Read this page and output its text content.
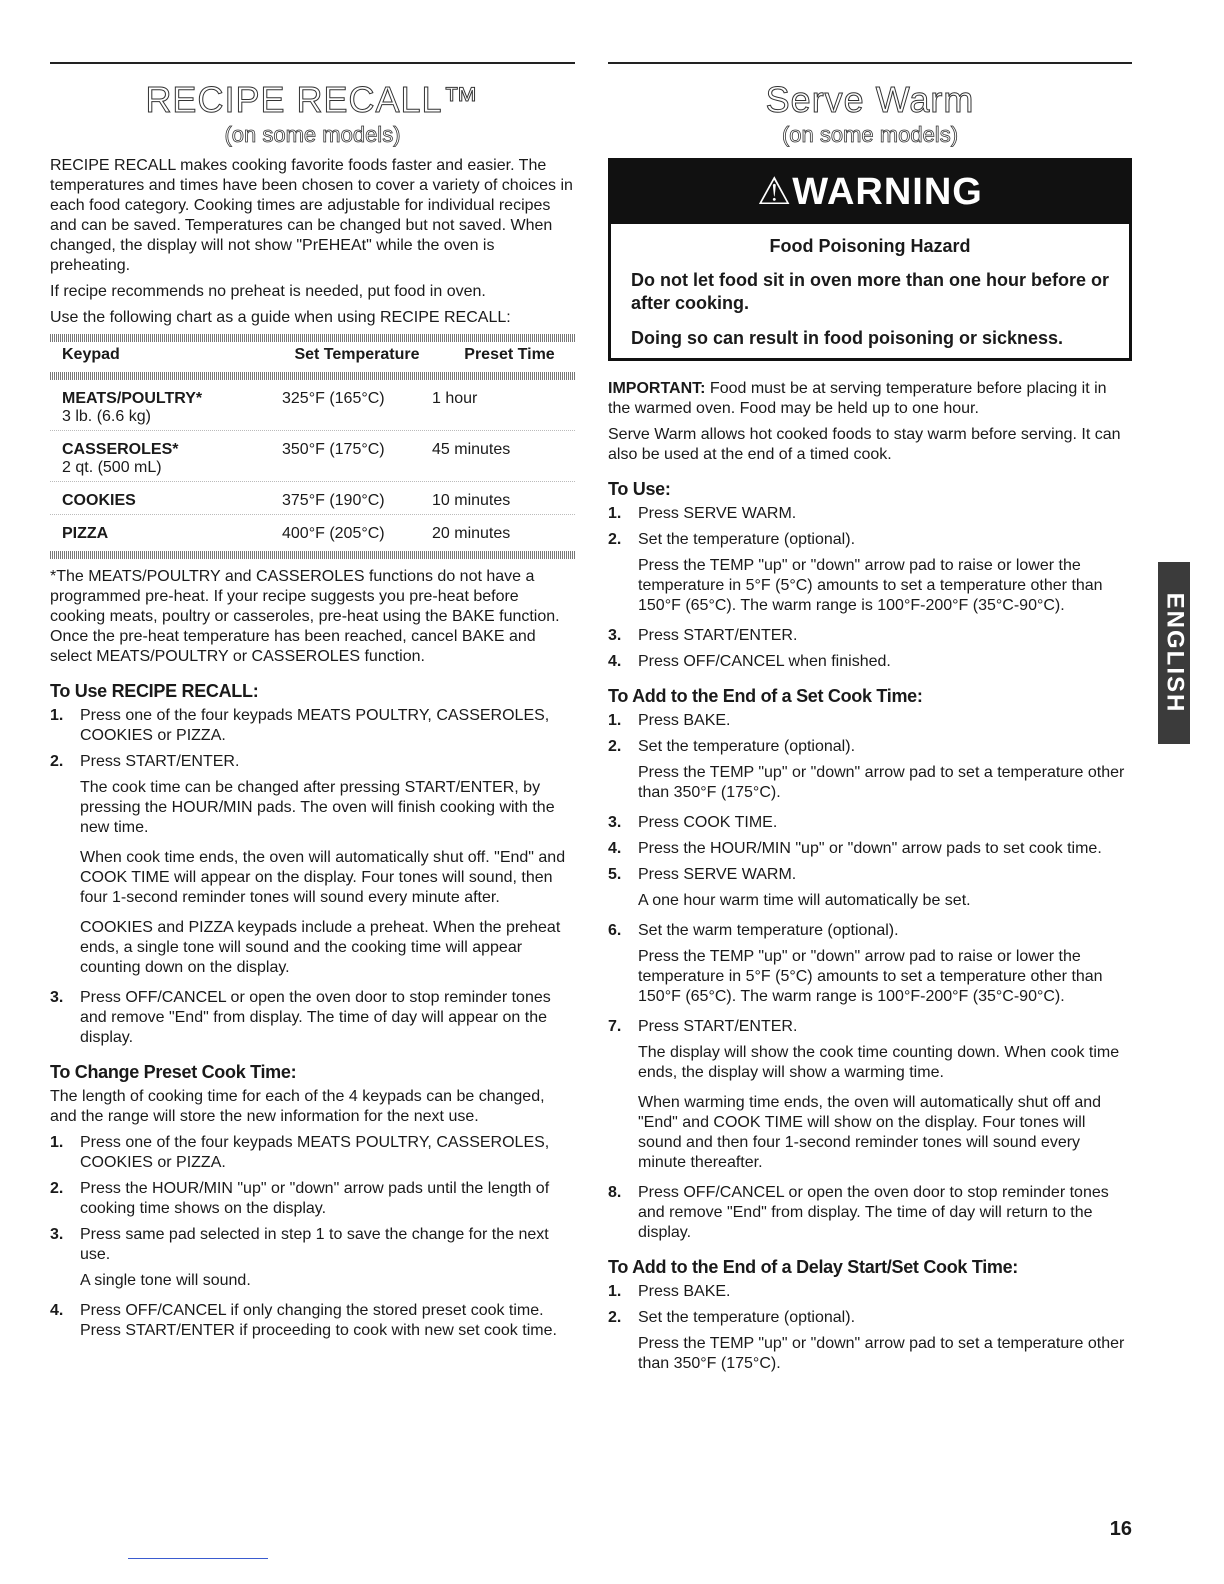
RECIPE RECALL™
(on some models)

RECIPE RECALL makes cooking favorite foods faster and easier. The temperatures and times have been chosen to cover a variety of choices in each food category. Cooking times are adjustable for individual recipes and can be saved. Temperatures can be changed but not saved. When changed, the display will not show "PrEHEAt" while the oven is preheating.

If recipe recommends no preheat is needed, put food in oven.

Use the following chart as a guide when using RECIPE RECALL:

Keypad	Set Temperature	Preset Time
MEATS/POULTRY*
3 lb. (6.6 kg)
325°F (165°C)	1 hour
CASSEROLES*
2 qt. (500 mL)
350°F (175°C)	45 minutes
COOKIES	375°F (190°C)	10 minutes
PIZZA	400°F (205°C)	20 minutes

*The MEATS/POULTRY and CASSEROLES functions do not have a programmed pre-heat. If your recipe suggests you pre-heat before cooking meats, poultry or casseroles, pre-heat using the BAKE function. Once the pre-heat temperature has been reached, cancel BAKE and select MEATS/POULTRY or CASSEROLES function.

To Use RECIPE RECALL:
1.	Press one of the four keypads MEATS POULTRY, CASSEROLES, COOKIES or PIZZA.
2.	Press START/ENTER.
The cook time can be changed after pressing START/ENTER, by pressing the HOUR/MIN pads. The oven will finish cooking with the new time.
When cook time ends, the oven will automatically shut off. "End" and COOK TIME will appear on the display. Four tones will sound, then four 1-second reminder tones will sound every minute after.
COOKIES and PIZZA keypads include a preheat. When the preheat ends, a single tone will sound and the cooking time will appear counting down on the display.
3.	Press OFF/CANCEL or open the oven door to stop reminder tones and remove "End" from display. The time of day will appear on the display.
To Change Preset Cook Time:

The length of cooking time for each of the 4 keypads can be changed, and the range will store the new information for the next use.

1.	Press one of the four keypads MEATS POULTRY, CASSEROLES, COOKIES or PIZZA.
2.	Press the HOUR/MIN "up" or "down" arrow pads until the length of cooking time shows on the display.
3.	Press same pad selected in step 1 to save the change for the next use.
A single tone will sound.
4.	Press OFF/CANCEL if only changing the stored preset cook time. Press START/ENTER if proceeding to cook with new set cook time.
Serve Warm
(on some models)
⚠WARNING
Food Poisoning Hazard

Do not let food sit in oven more than one hour before or after cooking.

Doing so can result in food poisoning or sickness.

IMPORTANT: Food must be at serving temperature before placing it in the warmed oven. Food may be held up to one hour.

Serve Warm allows hot cooked foods to stay warm before serving. It can also be used at the end of a timed cook.

To Use:
1.	Press SERVE WARM.
2.	Set the temperature (optional).
Press the TEMP "up" or "down" arrow pad to raise or lower the temperature in 5°F (5°C) amounts to set a temperature other than 150°F (65°C). The warm range is 100°F-200°F (35°C-90°C).
3.	Press START/ENTER.
4.	Press OFF/CANCEL when finished.
To Add to the End of a Set Cook Time:
1.	Press BAKE.
2.	Set the temperature (optional).
Press the TEMP "up" or "down" arrow pad to set a temperature other than 350°F (175°C).
3.	Press COOK TIME.
4.	Press the HOUR/MIN "up" or "down" arrow pads to set cook time.
5.	Press SERVE WARM.
A one hour warm time will automatically be set.
6.	Set the warm temperature (optional).
Press the TEMP "up" or "down" arrow pad to raise or lower the temperature in 5°F (5°C) amounts to set a temperature other than 150°F (65°C). The warm range is 100°F-200°F (35°C-90°C).
7.	Press START/ENTER.
The display will show the cook time counting down. When cook time ends, the display will show a warming time.
When warming time ends, the oven will automatically shut off and "End" and COOK TIME will show on the display. Four tones will sound and then four 1-second reminder tones will sound every minute thereafter.
8.	Press OFF/CANCEL or open the oven door to stop reminder tones and remove "End" from display. The time of day will return to the display.
To Add to the End of a Delay Start/Set Cook Time:
1.	Press BAKE.
2.	Set the temperature (optional).
Press the TEMP "up" or "down" arrow pad to set a temperature other than 350°F (175°C).
ENGLISH
16
